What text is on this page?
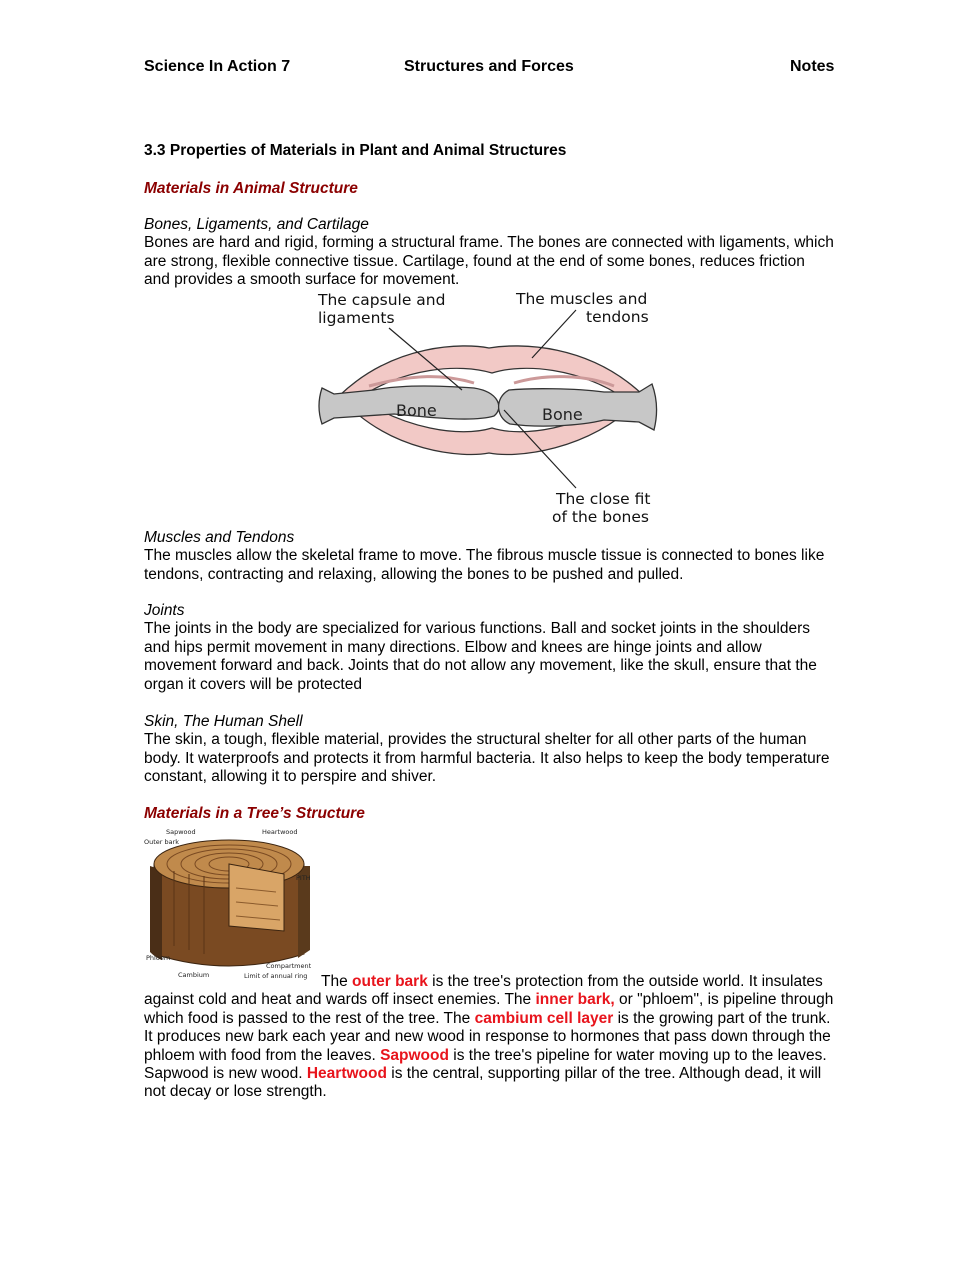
Science In Action 7	Structures and Forces	Notes
3.3 Properties of Materials in Plant and Animal Structures
Materials in Animal Structure

Bones, Ligaments, and Cartilage

Bones are hard and rigid, forming a structural frame. The bones are connected with ligaments, which are strong, flexible connective tissue. Cartilage, found at the end of some bones, reduces friction and provides a smooth surface for movement.

Bone	Bone
The capsule and
ligaments
The muscles and
tendons
The close fit
of the bones

Muscles and Tendons

The muscles allow the skeletal frame to move. The fibrous muscle tissue is connected to bones like tendons, contracting and relaxing, allowing the bones to be pushed and pulled.

Joints

The joints in the body are specialized for various functions. Ball and socket joints in the shoulders and hips permit movement in many directions. Elbow and knees are hinge joints and allow movement forward and back. Joints that do not allow any movement, like the skull, ensure that the organ it covers will be protected

Skin, The Human Shell

The skin, a tough, flexible material, provides the structural shelter for all other parts of the human body. It waterproofs and protects it from harmful bacteria. It also helps to keep the body temperature constant, allowing it to perspire and shiver.

Materials in a Tree’s Structure
Sapwood	Heartwood
Outer bark
PITH
Phloem
Cambium
Compartment
Limit of annual ring The outer bark is the tree's protection from the outside world. It insulates against cold and heat and wards off insect enemies. The inner bark, or "phloem", is pipeline through which food is passed to the rest of the tree. The cambium cell layer is the growing part of the trunk. It produces new bark each year and new wood in response to hormones that pass down through the phloem with food from the leaves. Sapwood is the tree's pipeline for water moving up to the leaves. Sapwood is new wood. Heartwood is the central, supporting pillar of the tree. Although dead, it will not decay or lose strength.
